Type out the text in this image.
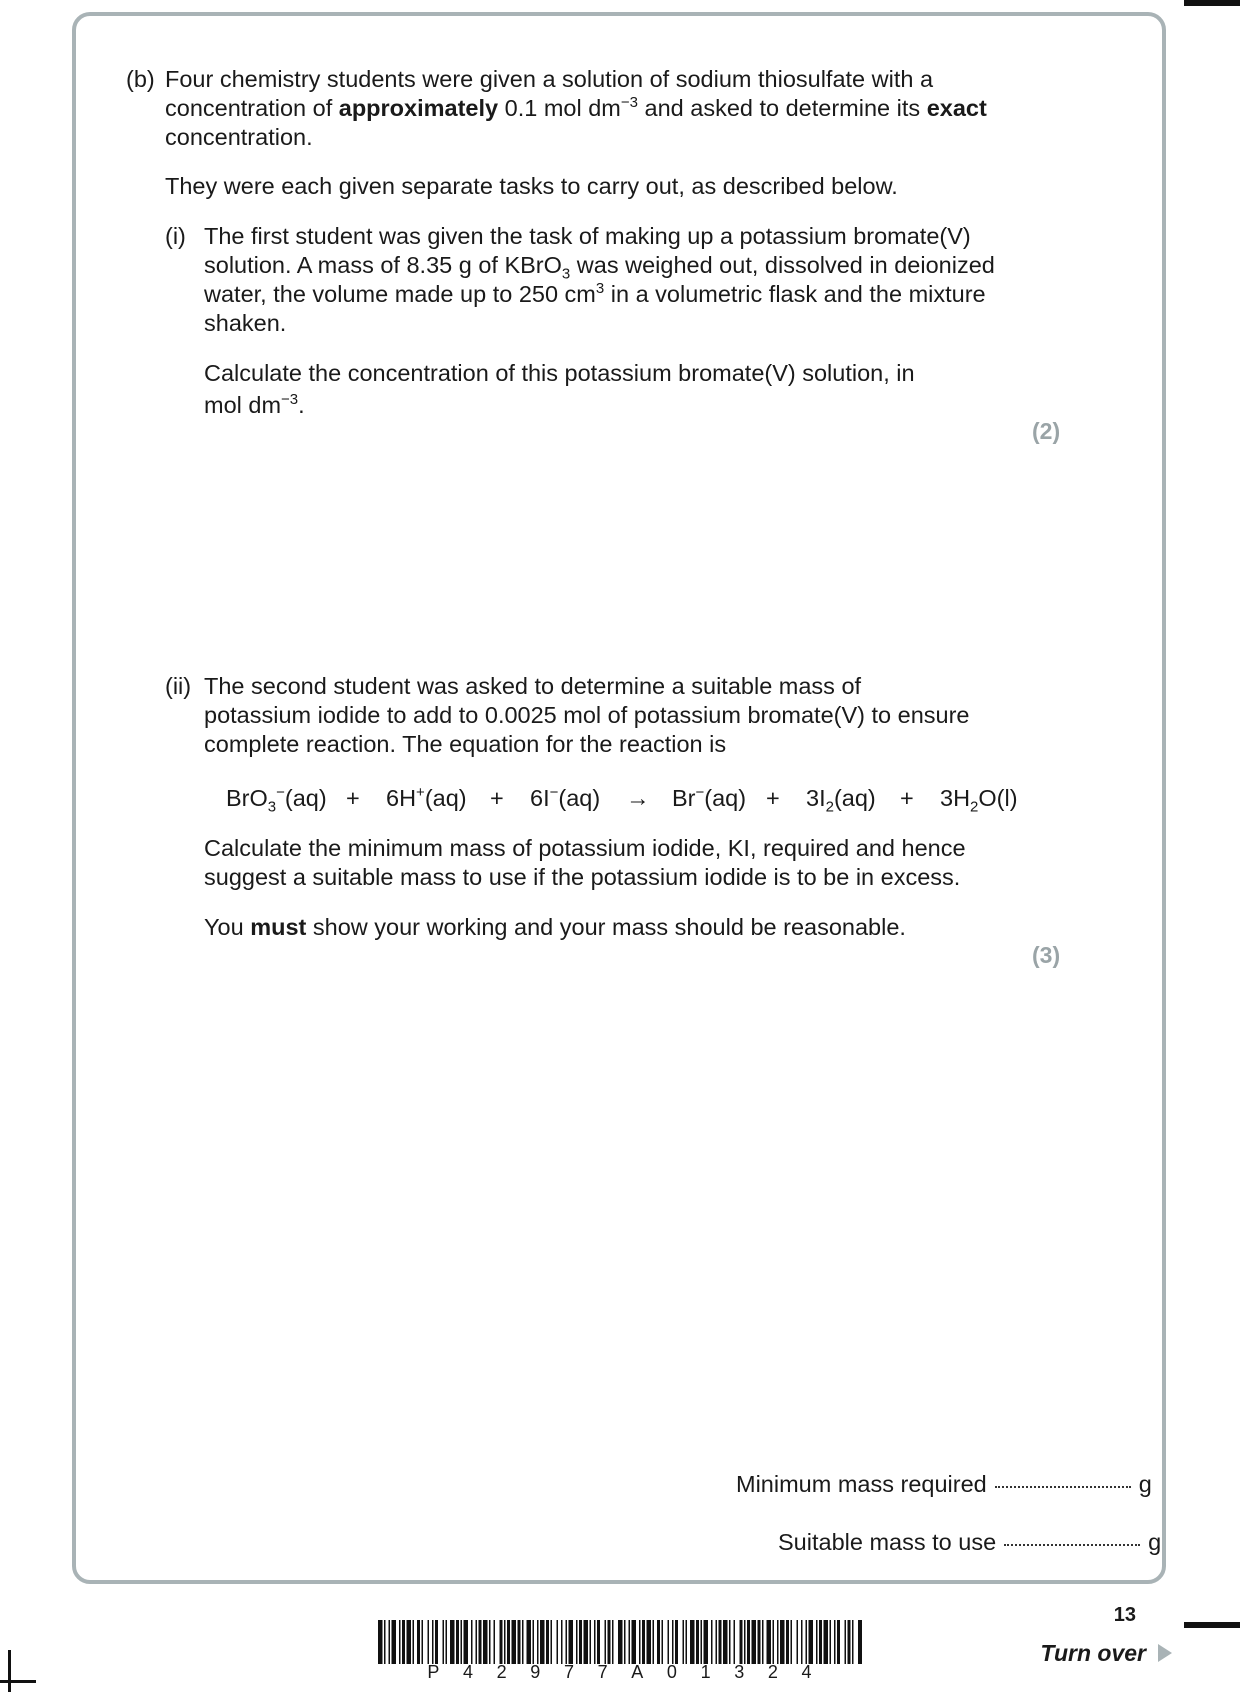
(b) Four chemistry students were given a solution of sodium thiosulfate with a

concentration of approximately 0.1 mol $dm^{-3}$ and asked to determine its exact

concentration.

They were each given separate tasks to carry out, as described below.

(i) The first student was given the task of making up a potassium bromate(V)

solution. A mass of 8.35 g of KBrO$_3$ was weighed out, dissolved in deionized

water, the volume made up to 250 $cm^3$ in a volumetric flask and the mixture

shaken.

Calculate the concentration of this potassium bromate(V) solution, in

mol $dm^{-3}$.

(2)
(ii) The second student was asked to determine a suitable mass of

potassium iodide to add to 0.0025 mol of potassium bromate(V) to ensure

complete reaction. The equation for the reaction is

$BrO_3^-(aq) + 6H^+(aq) + 6I^-(aq) \to Br^-(aq) + 3I_2(aq) + 3H_2O(l)$

Calculate the minimum mass of potassium iodide, KI, required and hence

suggest a suitable mass to use if the potassium iodide is to be in excess.

You must show your working and your mass should be reasonable.

(3)
Minimum mass required	g
Suitable mass to use	g
P 4 2 9 7 7 A 0 1 3 2 4
13
Turn over
